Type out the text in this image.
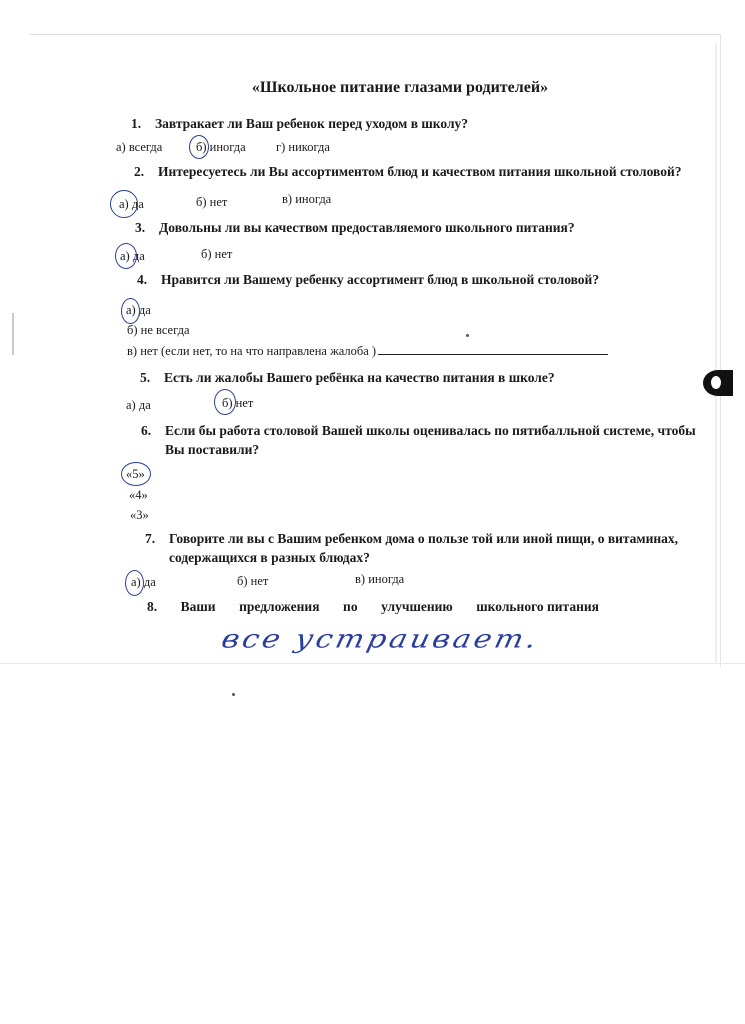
«Школьное питание глазами родителей»
1. Завтракает ли Ваш ребенок перед уходом в школу?
а) всегда	б) иногда г) никогда
2. Интересуетесь ли Вы ассортиментом блюд и качеством питания школьной столовой?
а) да	б) нет	в) иногда
3. Довольны ли вы качеством предоставляемого школьного питания?
а) да	б) нет
4. Нравится ли Вашему ребенку ассортимент блюд в школьной столовой?
а) да
б) не всегда
в) нет (если нет, то на что направлена жалоба )
5. Есть ли жалобы Вашего ребёнка на качество питания в школе?
а) да	б) нет
6. Если бы работа столовой Вашей школы оценивалась по пятибалльной системе, чтобы
Вы поставили?
«5»
«4»
«3»
7. Говорите ли вы с Вашим ребенком дома о пользе той или иной пищи, о витаминах,
содержащихся в разных блюдах?
а) да	б) нет	в) иногда
8. Ваши предложения по улучшению школьного питания
все устраивает.
